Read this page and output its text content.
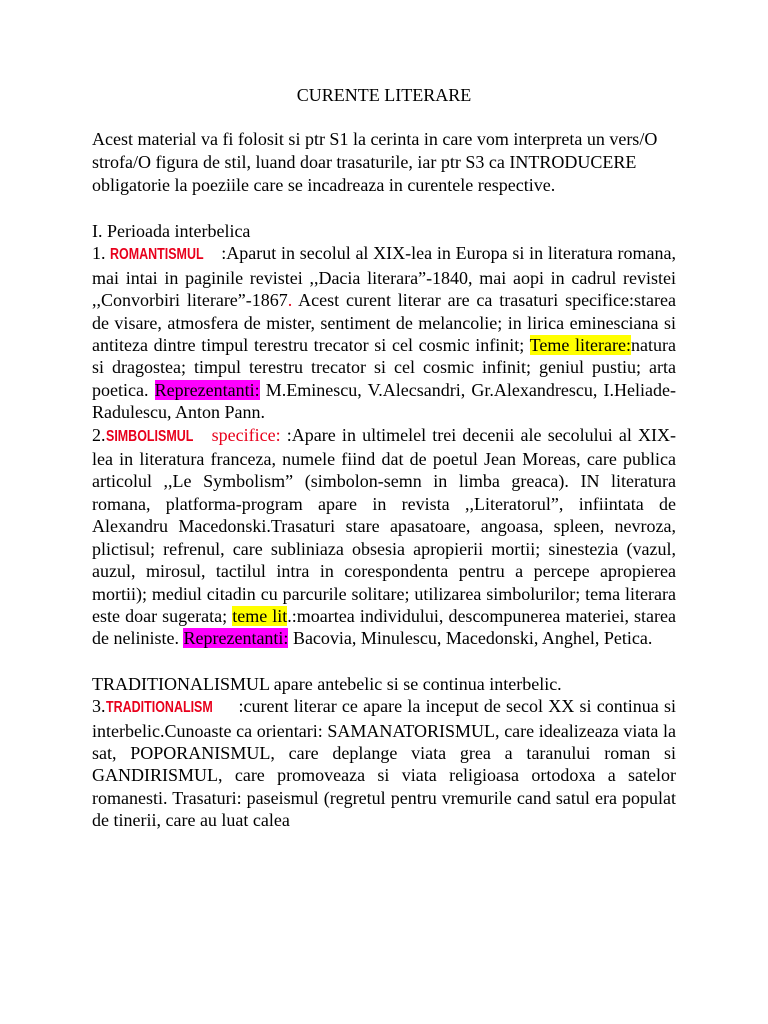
CURENTE LITERARE

Acest material va fi folosit si ptr S1 la cerinta in care vom interpreta un vers/O strofa/O figura de stil, luand doar trasaturile, iar ptr S3 ca INTRODUCERE obligatorie la poeziile care se incadreaza in curentele respective.

I. Perioada interbelica

1. ROMANTISMUL :Aparut in secolul al XIX-lea in Europa si in literatura romana, mai intai in paginile revistei ,,Dacia literara”-1840, mai aopi in cadrul revistei ,,Convorbiri literare”-1867. Acest curent literar are ca trasaturi specifice:starea de visare, atmosfera de mister, sentiment de melancolie; in lirica eminesciana si antiteza dintre timpul terestru trecator si cel cosmic infinit; Teme literare:natura si dragostea; timpul terestru trecator si cel cosmic infinit; geniul pustiu; arta poetica. Reprezentanti: M.Eminescu, V.Alecsandri, Gr.Alexandrescu, I.Heliade-Radulescu, Anton Pann.

2.SIMBOLISMUL specifice: :Apare in ultimelel trei decenii ale secolului al XIX-lea in literatura franceza, numele fiind dat de poetul Jean Moreas, care publica articolul ,,Le Symbolism” (simbolon-semn in limba greaca). IN literatura romana, platforma-program apare in revista ,,Literatorul”, infiintata de Alexandru Macedonski.Trasaturi stare apasatoare, angoasa, spleen, nevroza, plictisul; refrenul, care subliniaza obsesia apropierii mortii; sinestezia (vazul, auzul, mirosul, tactilul intra in corespondenta pentru a percepe apropierea mortii); mediul citadin cu parcurile solitare; utilizarea simbolurilor; tema literara este doar sugerata; teme lit.:moartea individului, descompunerea materiei, starea de neliniste. Reprezentanti: Bacovia, Minulescu, Macedonski, Anghel, Petica.

TRADITIONALISMUL apare antebelic si se continua interbelic.

3.TRADITIONALISM :curent literar ce apare la inceput de secol XX si continua si interbelic.Cunoaste ca orientari: SAMANATORISMUL, care idealizeaza viata la sat, POPORANISMUL, care deplange viata grea a taranului roman si GANDIRISMUL, care promoveaza si viata religioasa ortodoxa a satelor romanesti. Trasaturi: paseismul (regretul pentru vremurile cand satul era populat de tinerii, care au luat calea
